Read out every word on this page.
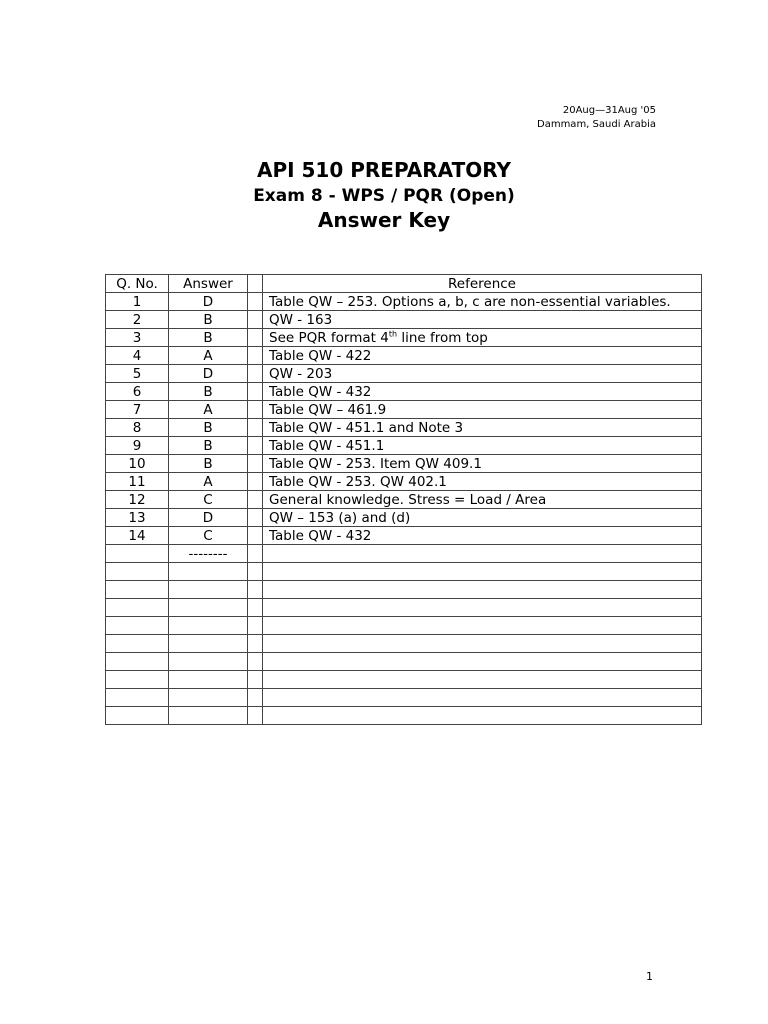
20Aug—31Aug '05
Dammam, Saudi Arabia
API 510 PREPARATORY
Exam 8 - WPS / PQR (Open)
Answer Key
Q. No.	Answer		Reference
1	D		Table QW – 253. Options a, b, c are non-essential variables.
2	B		QW - 163
3	B		See PQR format 4th line from top
4	A		Table QW - 422
5	D		QW - 203
6	B		Table QW - 432
7	A		Table QW – 461.9
8	B		Table QW - 451.1 and Note 3
9	B		Table QW - 451.1
10	B		Table QW - 253. Item QW 409.1
11	A		Table QW - 253. QW 402.1
12	C		General knowledge. Stress = Load / Area
13	D		QW – 153 (a) and (d)
14	C		Table QW - 432
	--------		

1
